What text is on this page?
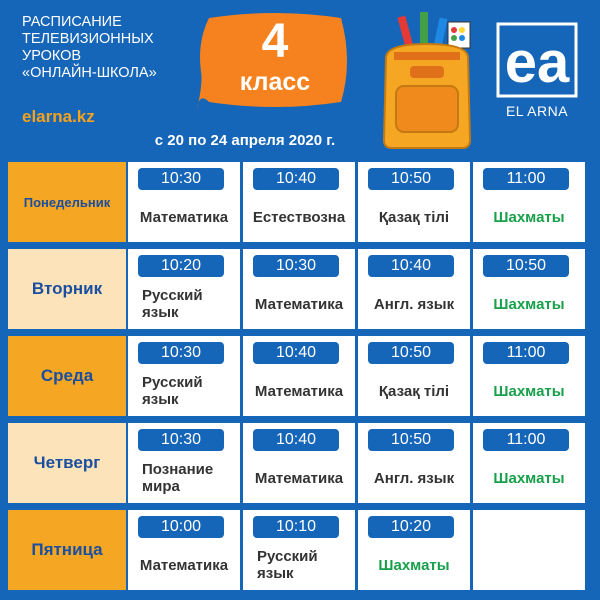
РАСПИСАНИЕ
ТЕЛЕВИЗИОННЫХ
УРОКОВ
«ОНЛАЙН-ШКОЛА»
elarna.kz
4
класс	ea
EL ARNA
с 20 по 24 апреля 2020 г.
Понедельник
10:30
Математика
10:40
Естествозна
10:50
Қазақ тілі
11:00
Шахматы
Вторник
10:20
Русский
язык
10:30
Математика
10:40
Англ. язык
10:50
Шахматы
Среда
10:30
Русский
язык
10:40
Математика
10:50
Қазақ тілі
11:00
Шахматы
Четверг
10:30
Познание
мира
10:40
Математика
10:50
Англ. язык
11:00
Шахматы
Пятница
10:00
Математика
10:10
Русский
язык
10:20
Шахматы
